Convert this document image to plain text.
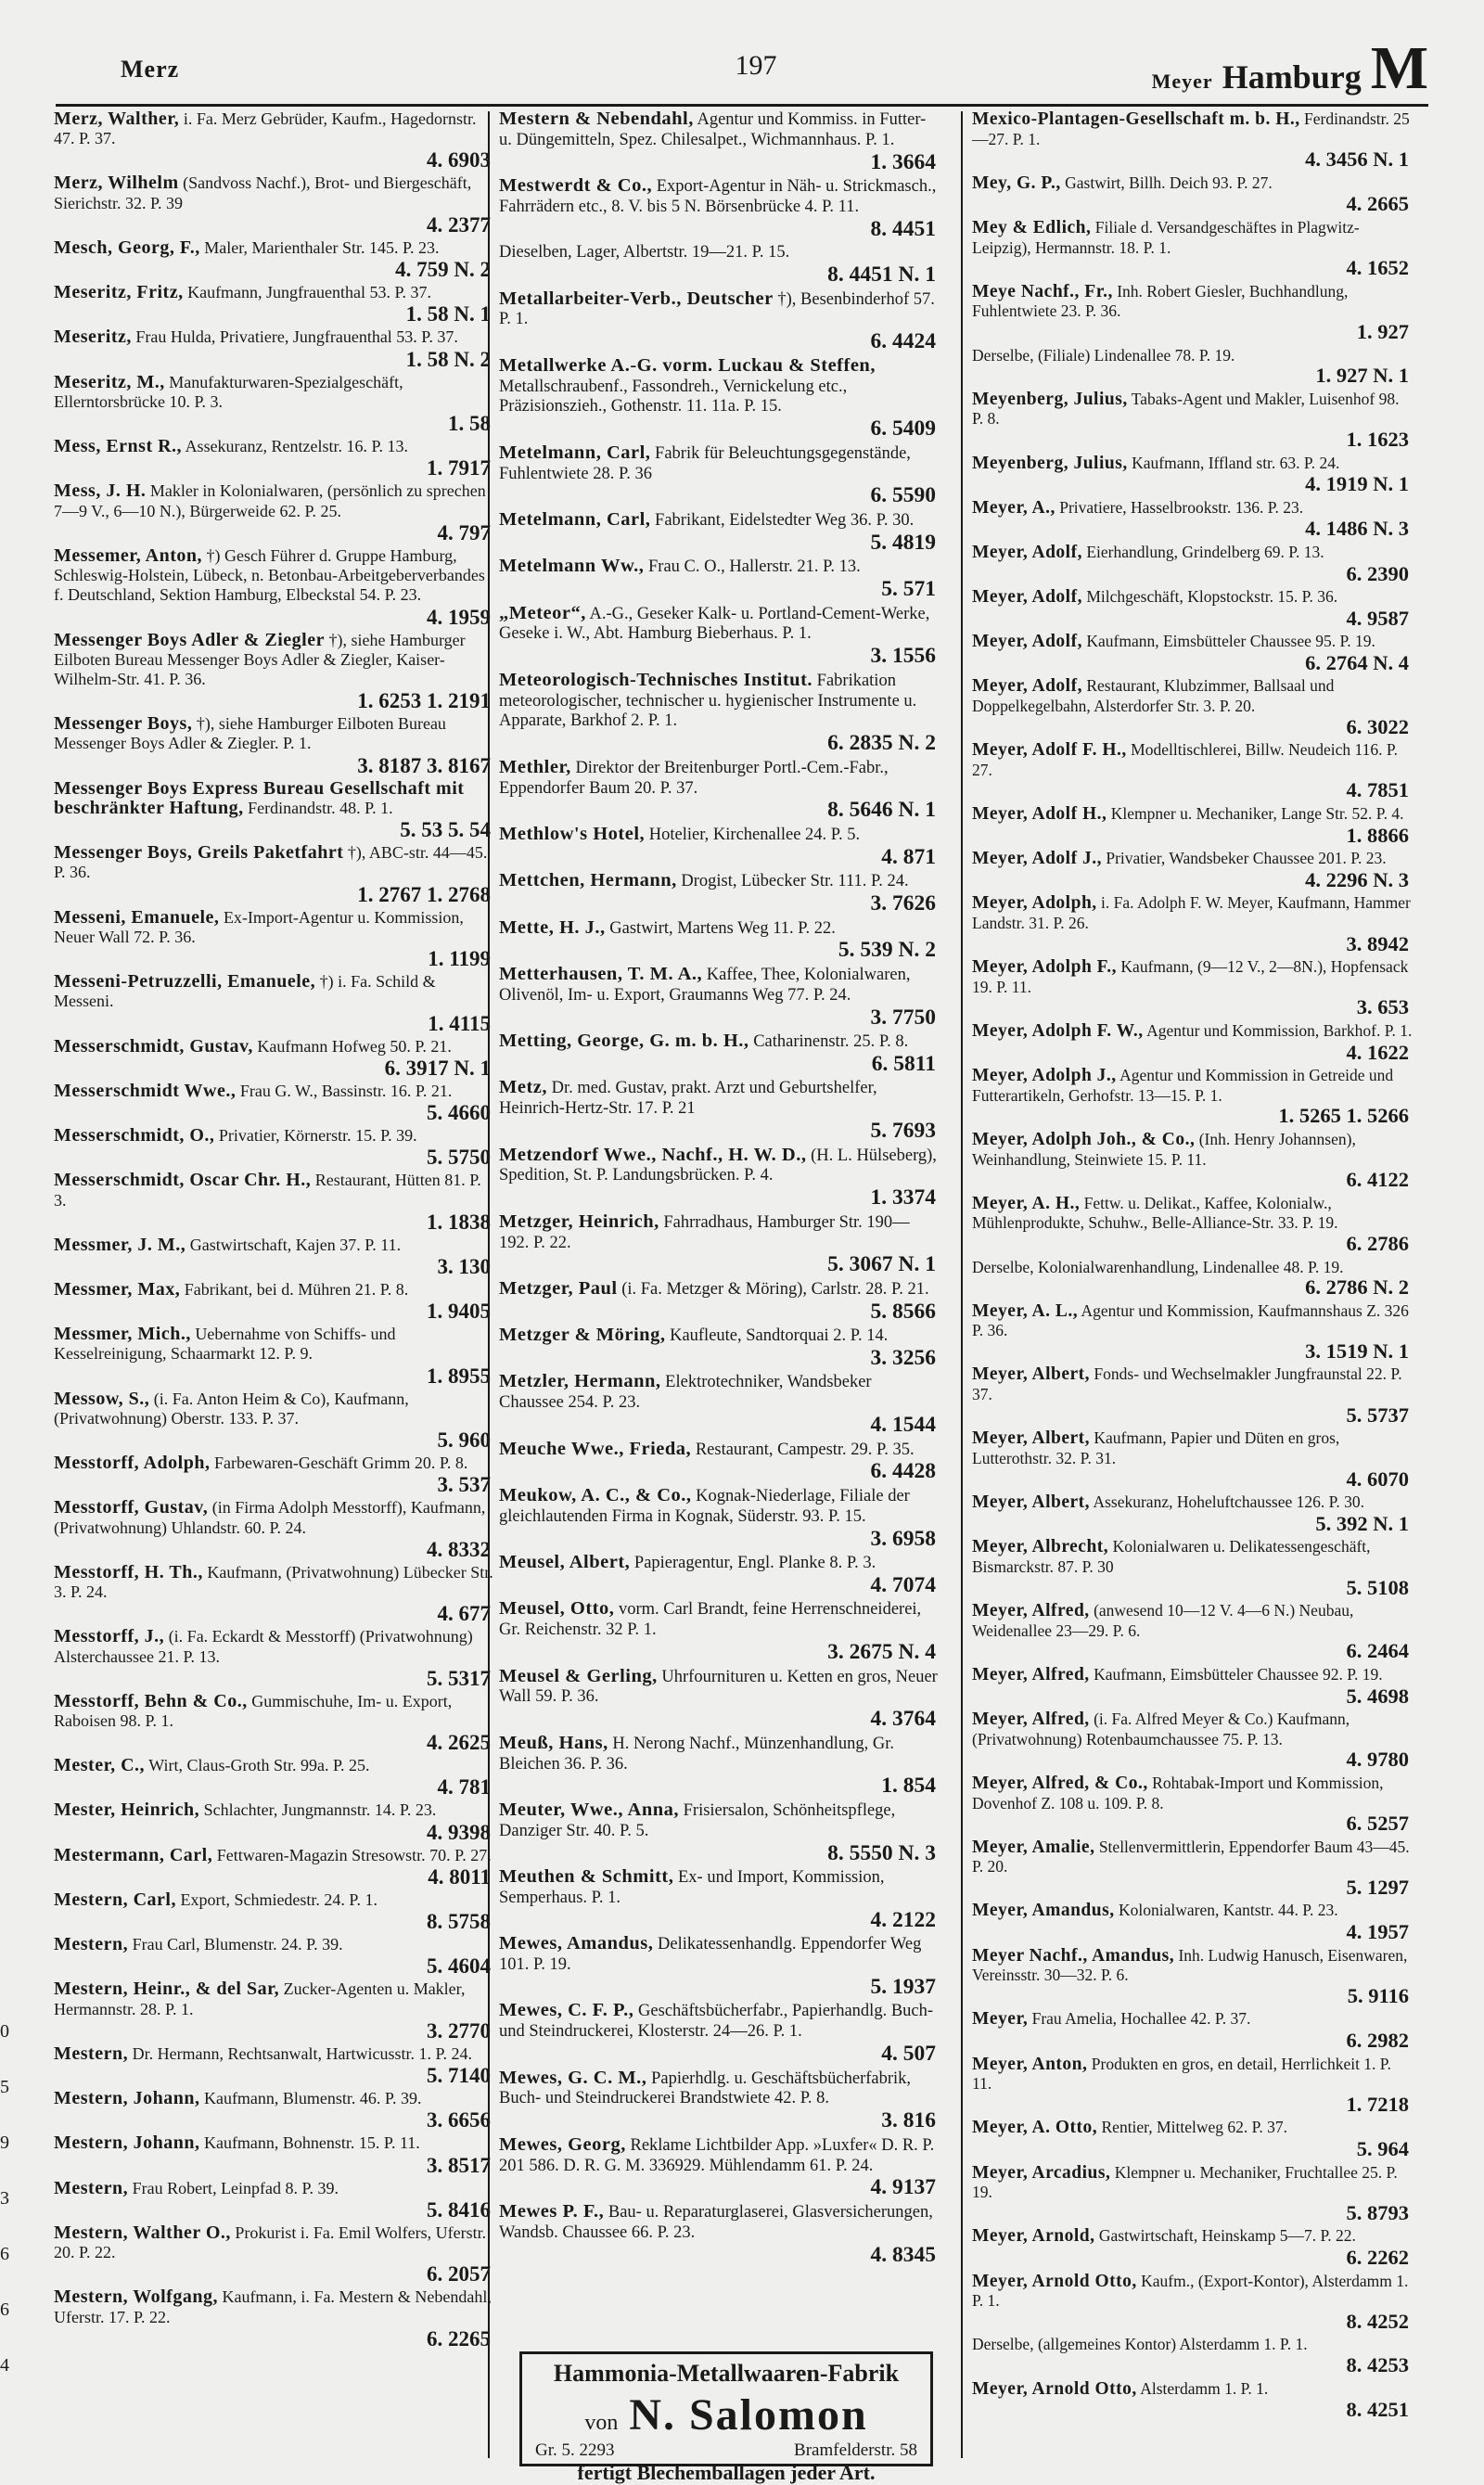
Merz	197
Meyer Hamburg M
Merz, Walther, i. Fa. Merz Gebrüder, Kaufm., Hagedornstr. 47. P. 37.
4. 6903
Merz, Wilhelm (Sandvoss Nachf.), Brot- und Biergeschäft, Sierichstr. 32. P. 39
4. 2377
Mesch, Georg, F., Maler, Marienthaler Str. 145. P. 23.
4. 759 N. 2
Meseritz, Fritz, Kaufmann, Jungfrauenthal 53. P. 37.
1. 58 N. 1
Meseritz, Frau Hulda, Privatiere, Jungfrauenthal 53. P. 37.
1. 58 N. 2
Meseritz, M., Manufakturwaren-Spezialgeschäft, Ellerntorsbrücke 10. P. 3.
1. 58
Mess, Ernst R., Assekuranz, Rentzelstr. 16. P. 13.
1. 7917
Mess, J. H. Makler in Kolonialwaren, (persönlich zu sprechen 7—9 V., 6—10 N.), Bürgerweide 62. P. 25.
4. 797
Messemer, Anton, †) Gesch Führer d. Gruppe Hamburg, Schleswig-Holstein, Lübeck, n. Betonbau-Arbeitgeberverbandes f. Deutschland, Sektion Hamburg, Elbeckstal 54. P. 23.
4. 1959
Messenger Boys Adler & Ziegler †), siehe Hamburger Eilboten Bureau Messenger Boys Adler & Ziegler, Kaiser-Wilhelm-Str. 41. P. 36.
1. 6253 1. 2191
Messenger Boys, †), siehe Hamburger Eilboten Bureau Messenger Boys Adler & Ziegler. P. 1.
3. 8187 3. 8167
Messenger Boys Express Bureau Gesellschaft mit beschränkter Haftung, Ferdinandstr. 48. P. 1.
5. 53 5. 54
Messenger Boys, Greils Paketfahrt †), ABC-str. 44—45. P. 36.
1. 2767 1. 2768
Messeni, Emanuele, Ex-Import-Agentur u. Kommission, Neuer Wall 72. P. 36.
1. 1199
Messeni-Petruzzelli, Emanuele, †) i. Fa. Schild & Messeni.
1. 4115
Messerschmidt, Gustav, Kaufmann Hofweg 50. P. 21.
6. 3917 N. 1
Messerschmidt Wwe., Frau G. W., Bassinstr. 16. P. 21.
5. 4660
Messerschmidt, O., Privatier, Körnerstr. 15. P. 39.
5. 5750
Messerschmidt, Oscar Chr. H., Restaurant, Hütten 81. P. 3.
1. 1838
Messmer, J. M., Gastwirtschaft, Kajen 37. P. 11.
3. 130
Messmer, Max, Fabrikant, bei d. Mühren 21. P. 8.
1. 9405
Messmer, Mich., Uebernahme von Schiffs- und Kesselreinigung, Schaarmarkt 12. P. 9.
1. 8955
Messow, S., (i. Fa. Anton Heim & Co), Kaufmann, (Privatwohnung) Oberstr. 133. P. 37.
5. 960
Messtorff, Adolph, Farbewaren-Geschäft Grimm 20. P. 8.
3. 537
Messtorff, Gustav, (in Firma Adolph Messtorff), Kaufmann, (Privatwohnung) Uhlandstr. 60. P. 24.
4. 8332
Messtorff, H. Th., Kaufmann, (Privatwohnung) Lübecker Str. 3. P. 24.
4. 677
Messtorff, J., (i. Fa. Eckardt & Messtorff) (Privatwohnung) Alsterchaussee 21. P. 13.
5. 5317
Messtorff, Behn & Co., Gummischuhe, Im- u. Export, Raboisen 98. P. 1.
4. 2625
Mester, C., Wirt, Claus-Groth Str. 99a. P. 25.
4. 781
Mester, Heinrich, Schlachter, Jungmannstr. 14. P. 23.
4. 9398
Mestermann, Carl, Fettwaren-Magazin Stresowstr. 70. P. 27.
4. 8011
Mestern, Carl, Export, Schmiedestr. 24. P. 1.
8. 5758
Mestern, Frau Carl, Blumenstr. 24. P. 39.
5. 4604
Mestern, Heinr., & del Sar, Zucker-Agenten u. Makler, Hermannstr. 28. P. 1.
3. 2770
Mestern, Dr. Hermann, Rechtsanwalt, Hartwicusstr. 1. P. 24.
5. 7140
Mestern, Johann, Kaufmann, Blumenstr. 46. P. 39.
3. 6656
Mestern, Johann, Kaufmann, Bohnenstr. 15. P. 11.
3. 8517
Mestern, Frau Robert, Leinpfad 8. P. 39.
5. 8416
Mestern, Walther O., Prokurist i. Fa. Emil Wolfers, Uferstr. 20. P. 22.
6. 2057
Mestern, Wolfgang, Kaufmann, i. Fa. Mestern & Nebendahl, Uferstr. 17. P. 22.
6. 2265
Mestern & Nebendahl, Agentur und Kommiss. in Futter- u. Düngemitteln, Spez. Chilesalpet., Wichmannhaus. P. 1.
1. 3664
Mestwerdt & Co., Export-Agentur in Näh- u. Strickmasch., Fahrrädern etc., 8. V. bis 5 N. Börsenbrücke 4. P. 11.
8. 4451
Dieselben, Lager, Albertstr. 19—21. P. 15.
8. 4451 N. 1
Metallarbeiter-Verb., Deutscher †), Besenbinderhof 57. P. 1.
6. 4424
Metallwerke A.-G. vorm. Luckau & Steffen, Metallschraubenf., Fassondreh., Vernickelung etc., Präzisionszieh., Gothenstr. 11. 11a. P. 15.
6. 5409
Metelmann, Carl, Fabrik für Beleuchtungsgegenstände, Fuhlentwiete 28. P. 36
6. 5590
Metelmann, Carl, Fabrikant, Eidelstedter Weg 36. P. 30.
5. 4819
Metelmann Ww., Frau C. O., Hallerstr. 21. P. 13.
5. 571
„Meteor“, A.-G., Geseker Kalk- u. Portland-Cement-Werke, Geseke i. W., Abt. Hamburg Bieberhaus. P. 1.
3. 1556
Meteorologisch-Technisches Institut. Fabrikation meteorologischer, technischer u. hygienischer Instrumente u. Apparate, Barkhof 2. P. 1.
6. 2835 N. 2
Methler, Direktor der Breitenburger Portl.-Cem.-Fabr., Eppendorfer Baum 20. P. 37.
8. 5646 N. 1
Methlow's Hotel, Hotelier, Kirchenallee 24. P. 5.
4. 871
Mettchen, Hermann, Drogist, Lübecker Str. 111. P. 24.
3. 7626
Mette, H. J., Gastwirt, Martens Weg 11. P. 22.
5. 539 N. 2
Metterhausen, T. M. A., Kaffee, Thee, Kolonialwaren, Olivenöl, Im- u. Export, Graumanns Weg 77. P. 24.
3. 7750
Metting, George, G. m. b. H., Catharinenstr. 25. P. 8.
6. 5811
Metz, Dr. med. Gustav, prakt. Arzt und Geburtshelfer, Heinrich-Hertz-Str. 17. P. 21
5. 7693
Metzendorf Wwe., Nachf., H. W. D., (H. L. Hülseberg), Spedition, St. P. Landungsbrücken. P. 4.
1. 3374
Metzger, Heinrich, Fahrradhaus, Hamburger Str. 190—192. P. 22.
5. 3067 N. 1
Metzger, Paul (i. Fa. Metzger & Möring), Carlstr. 28. P. 21.
5. 8566
Metzger & Möring, Kaufleute, Sandtorquai 2. P. 14.
3. 3256
Metzler, Hermann, Elektrotechniker, Wandsbeker Chaussee 254. P. 23.
4. 1544
Meuche Wwe., Frieda, Restaurant, Campestr. 29. P. 35.
6. 4428
Meukow, A. C., & Co., Kognak-Niederlage, Filiale der gleichlautenden Firma in Kognak, Süderstr. 93. P. 15.
3. 6958
Meusel, Albert, Papieragentur, Engl. Planke 8. P. 3.
4. 7074
Meusel, Otto, vorm. Carl Brandt, feine Herrenschneiderei, Gr. Reichenstr. 32 P. 1.
3. 2675 N. 4
Meusel & Gerling, Uhrfournituren u. Ketten en gros, Neuer Wall 59. P. 36.
4. 3764
Meuß, Hans, H. Nerong Nachf., Münzenhandlung, Gr. Bleichen 36. P. 36.
1. 854
Meuter, Wwe., Anna, Frisiersalon, Schönheitspflege, Danziger Str. 40. P. 5.
8. 5550 N. 3
Meuthen & Schmitt, Ex- und Import, Kommission, Semperhaus. P. 1.
4. 2122
Mewes, Amandus, Delikatessenhandlg. Eppendorfer Weg 101. P. 19.
5. 1937
Mewes, C. F. P., Geschäftsbücherfabr., Papierhandlg. Buch- und Steindruckerei, Klosterstr. 24—26. P. 1.
4. 507
Mewes, G. C. M., Papierhdlg. u. Geschäftsbücherfabrik, Buch- und Steindruckerei Brandstwiete 42. P. 8.
3. 816
Mewes, Georg, Reklame Lichtbilder App. »Luxfer« D. R. P. 201 586. D. R. G. M. 336929. Mühlendamm 61. P. 24.
4. 9137
Mewes P. F., Bau- u. Reparaturglaserei, Glasversicherungen, Wandsb. Chaussee 66. P. 23.
4. 8345
Mexico-Plantagen-Gesellschaft m. b. H., Ferdinandstr. 25—27. P. 1.
4. 3456 N. 1
Mey, G. P., Gastwirt, Billh. Deich 93. P. 27.
4. 2665
Mey & Edlich, Filiale d. Versandgeschäftes in Plagwitz-Leipzig), Hermannstr. 18. P. 1.
4. 1652
Meye Nachf., Fr., Inh. Robert Giesler, Buchhandlung, Fuhlentwiete 23. P. 36.
1. 927
Derselbe, (Filiale) Lindenallee 78. P. 19.
1. 927 N. 1
Meyenberg, Julius, Tabaks-Agent und Makler, Luisenhof 98. P. 8.
1. 1623
Meyenberg, Julius, Kaufmann, Iffland str. 63. P. 24.
4. 1919 N. 1
Meyer, A., Privatiere, Hasselbrookstr. 136. P. 23.
4. 1486 N. 3
Meyer, Adolf, Eierhandlung, Grindelberg 69. P. 13.
6. 2390
Meyer, Adolf, Milchgeschäft, Klopstockstr. 15. P. 36.
4. 9587
Meyer, Adolf, Kaufmann, Eimsbütteler Chaussee 95. P. 19.
6. 2764 N. 4
Meyer, Adolf, Restaurant, Klubzimmer, Ballsaal und Doppelkegelbahn, Alsterdorfer Str. 3. P. 20.
6. 3022
Meyer, Adolf F. H., Modelltischlerei, Billw. Neudeich 116. P. 27.
4. 7851
Meyer, Adolf H., Klempner u. Mechaniker, Lange Str. 52. P. 4.
1. 8866
Meyer, Adolf J., Privatier, Wandsbeker Chaussee 201. P. 23.
4. 2296 N. 3
Meyer, Adolph, i. Fa. Adolph F. W. Meyer, Kaufmann, Hammer Landstr. 31. P. 26.
3. 8942
Meyer, Adolph F., Kaufmann, (9—12 V., 2—8N.), Hopfensack 19. P. 11.
3. 653
Meyer, Adolph F. W., Agentur und Kommission, Barkhof. P. 1.
4. 1622
Meyer, Adolph J., Agentur und Kommission in Getreide und Futterartikeln, Gerhofstr. 13—15. P. 1.
1. 5265 1. 5266
Meyer, Adolph Joh., & Co., (Inh. Henry Johannsen), Weinhandlung, Steinwiete 15. P. 11.
6. 4122
Meyer, A. H., Fettw. u. Delikat., Kaffee, Kolonialw., Mühlenprodukte, Schuhw., Belle-Alliance-Str. 33. P. 19.
6. 2786
Derselbe, Kolonialwarenhandlung, Lindenallee 48. P. 19.
6. 2786 N. 2
Meyer, A. L., Agentur und Kommission, Kaufmannshaus Z. 326 P. 36.
3. 1519 N. 1
Meyer, Albert, Fonds- und Wechselmakler Jungfraunstal 22. P. 37.
5. 5737
Meyer, Albert, Kaufmann, Papier und Düten en gros, Lutterothstr. 32. P. 31.
4. 6070
Meyer, Albert, Assekuranz, Hoheluftchaussee 126. P. 30.
5. 392 N. 1
Meyer, Albrecht, Kolonialwaren u. Delikatessengeschäft, Bismarckstr. 87. P. 30
5. 5108
Meyer, Alfred, (anwesend 10—12 V. 4—6 N.) Neubau, Weidenallee 23—29. P. 6.
6. 2464
Meyer, Alfred, Kaufmann, Eimsbütteler Chaussee 92. P. 19.
5. 4698
Meyer, Alfred, (i. Fa. Alfred Meyer & Co.) Kaufmann, (Privatwohnung) Rotenbaumchaussee 75. P. 13.
4. 9780
Meyer, Alfred, & Co., Rohtabak-Import und Kommission, Dovenhof Z. 108 u. 109. P. 8.
6. 5257
Meyer, Amalie, Stellenvermittlerin, Eppendorfer Baum 43—45. P. 20.
5. 1297
Meyer, Amandus, Kolonialwaren, Kantstr. 44. P. 23.
4. 1957
Meyer Nachf., Amandus, Inh. Ludwig Hanusch, Eisenwaren, Vereinsstr. 30—32. P. 6.
5. 9116
Meyer, Frau Amelia, Hochallee 42. P. 37.
6. 2982
Meyer, Anton, Produkten en gros, en detail, Herrlichkeit 1. P. 11.
1. 7218
Meyer, A. Otto, Rentier, Mittelweg 62. P. 37.
5. 964
Meyer, Arcadius, Klempner u. Mechaniker, Fruchtallee 25. P. 19.
5. 8793
Meyer, Arnold, Gastwirtschaft, Heinskamp 5—7. P. 22.
6. 2262
Meyer, Arnold Otto, Kaufm., (Export-Kontor), Alsterdamm 1. P. 1.
8. 4252
Derselbe, (allgemeines Kontor) Alsterdamm 1. P. 1.
8. 4253
Meyer, Arnold Otto, Alsterdamm 1. P. 1.
8. 4251
Hammonia-Metallwaaren-Fabrik
von N. Salomon
Gr. 5. 2293	Bramfelderstr. 58
fertigt Blechemballagen jeder Art.
0
5
9
3
6
6
4
